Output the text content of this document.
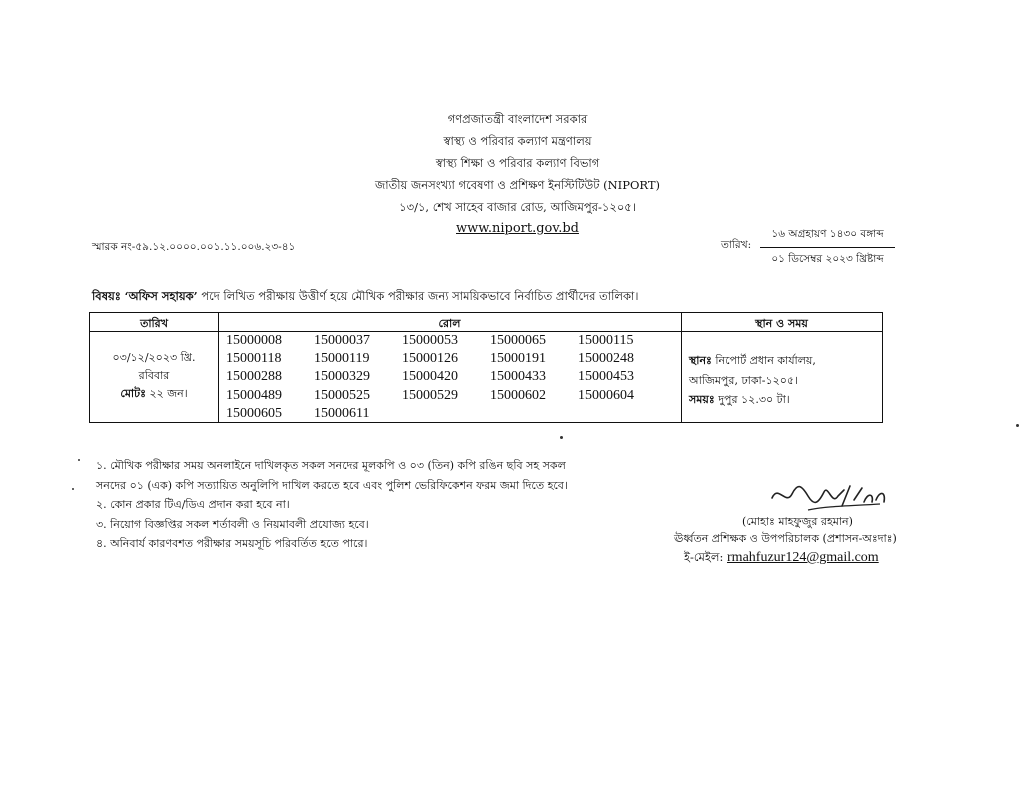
গণপ্রজাতন্ত্রী বাংলাদেশ সরকার
স্বাস্থ্য ও পরিবার কল্যাণ মন্ত্রণালয়
স্বাস্থ্য শিক্ষা ও পরিবার কল্যাণ বিভাগ
জাতীয় জনসংখ্যা গবেষণা ও প্রশিক্ষণ ইনস্টিটিউট (NIPORT)
১৩/১, শেখ সাহেব বাজার রোড, আজিমপুর-১২০৫।
www.niport.gov.bd
স্মারক নং-৫৯.১২.০০০০.০০১.১১.০০৬.২৩-৪১	তারিখ:
১৬ অগ্রহায়ণ ১৪৩০ বঙ্গাব্দ
০১ ডিসেম্বর ২০২৩ খ্রিষ্টাব্দ
বিষয়ঃ ‘অফিস সহায়ক’ পদে লিখিত পরীক্ষায় উত্তীর্ণ হয়ে মৌখিক পরীক্ষার জন্য সাময়িকভাবে নির্বাচিত প্রার্থীদের তালিকা।
তারিখ	রোল	স্থান ও সময়
০৩/১২/২০২৩ খ্রি.
রবিবার
মোটঃ ২২ জন।
15000008 15000037 15000053 15000065 15000115
15000118 15000119 15000126 15000191 15000248
15000288 15000329 15000420 15000433 15000453
15000489 15000525 15000529 15000602 15000604
15000605 15000611
স্থানঃ নিপোর্ট প্রধান কার্যালয়,
আজিমপুর, ঢাকা-১২০৫।
সময়ঃ দুপুর ১২.৩০ টা।
১. মৌখিক পরীক্ষার সময় অনলাইনে দাখিলকৃত সকল সনদের মূলকপি ও ০৩ (তিন) কপি রঙিন ছবি সহ সকল
সনদের ০১ (এক) কপি সত্যায়িত অনুলিপি দাখিল করতে হবে এবং পুলিশ ভেরিফিকেশন ফরম জমা দিতে হবে।
২. কোন প্রকার টিএ/ডিএ প্রদান করা হবে না।
৩. নিয়োগ বিজ্ঞপ্তির সকল শর্তাবলী ও নিয়মাবলী প্রযোজ্য হবে।
৪. অনিবার্য কারণবশত পরীক্ষার সময়সূচি পরিবর্তিত হতে পারে।
(মোহাঃ মাহফুজুর রহমান)
ঊর্ধ্বতন প্রশিক্ষক ও উপপরিচালক (প্রশাসন-অঃদাঃ)
ই-মেইল: rmahfuzur124@gmail.com
